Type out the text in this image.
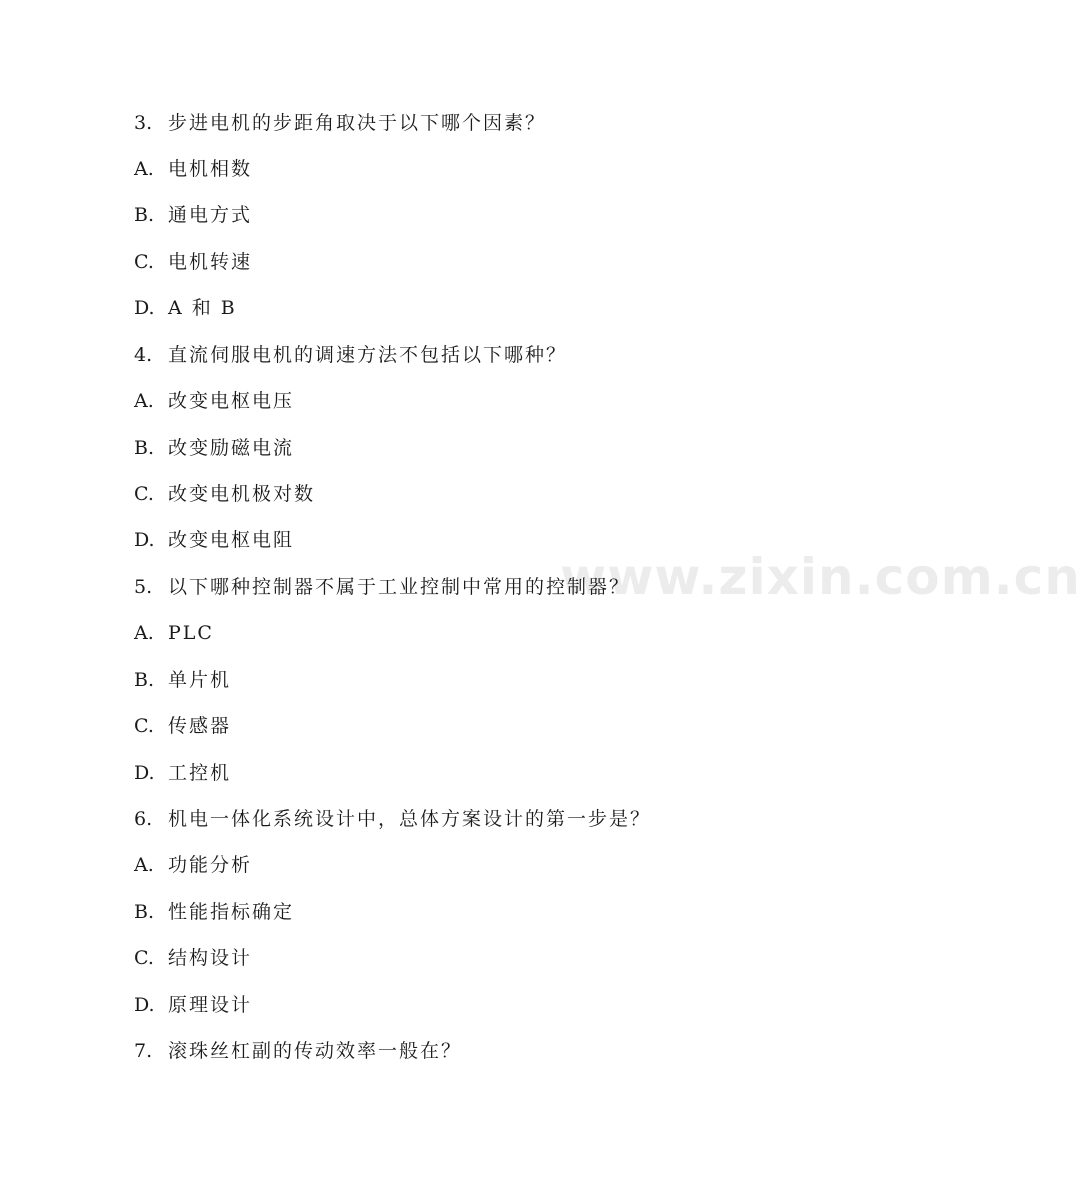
www.zixin.com.cn
3. 步进电机的步距角取决于以下哪个因素？
A. 电机相数
B. 通电方式
C. 电机转速
D. A 和 B
4. 直流伺服电机的调速方法不包括以下哪种？
A. 改变电枢电压
B. 改变励磁电流
C. 改变电机极对数
D. 改变电枢电阻
5. 以下哪种控制器不属于工业控制中常用的控制器？
A. PLC
B. 单片机
C. 传感器
D. 工控机
6. 机电一体化系统设计中，总体方案设计的第一步是？
A. 功能分析
B. 性能指标确定
C. 结构设计
D. 原理设计
7. 滚珠丝杠副的传动效率一般在？
